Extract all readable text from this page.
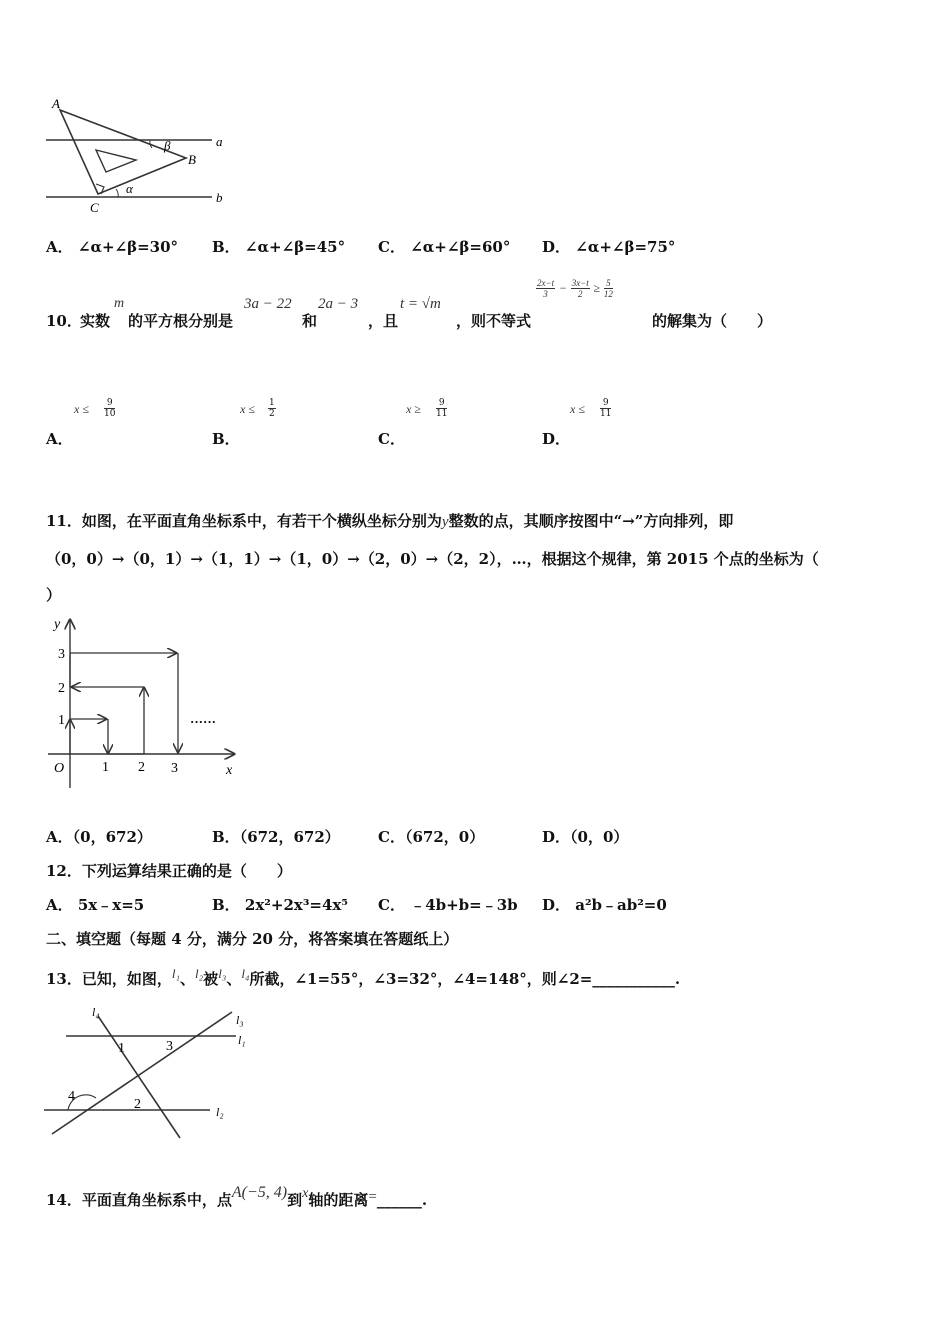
A
B
C
a
b
α
β
A． ∠α+∠β=30° B． ∠α+∠β=45° C． ∠α+∠β=60° D． ∠α+∠β=75°
10．
实数
m
的平方根分别是
3a − 22
和
2a − 3
，且
t = √m
，则不等式
$\frac{2x-t}{3} - \frac{3x-t}{2} \ge \frac{5}{12}$
的解集为（　　）
$x \le \frac{9}{10}$
A．
$x \le \frac{1}{2}$
B．
$x \ge \frac{9}{11}$
C．
$x \le \frac{9}{11}$
D．
11．如图，在平面直角坐标系中，有若干个横纵坐标分别为y整数的点，其顺序按图中“→”方向排列，即
（0，0）→（0，1）→（1，1）→（1，0）→（2，0）→（2，2），…，根据这个规律，第 2015 个点的坐标为（
）
y
x
O	1 2 3
1
2
3
······
A．（0，672）	B．（672，672）	C．（672，0）	D．（0，0）
12．下列运算结果正确的是（　　）
A． 5x﹣x=5	B． 2x²+2x³=4x⁵ C． ﹣4b+b=﹣3b D． a²b﹣ab²=0
二、填空题（每题 4 分，满分 20 分，将答案填在答题纸上）
13．已知，如图，l₁、l₂被l₃、l₄所截，∠1=55°，∠3=32°，∠4=148°，则∠2=___________.
l₄
l₃
l₁
l₂
1	3
4
2
14．平面直角坐标系中，点A(−5, 4)到x轴的距离=______.
